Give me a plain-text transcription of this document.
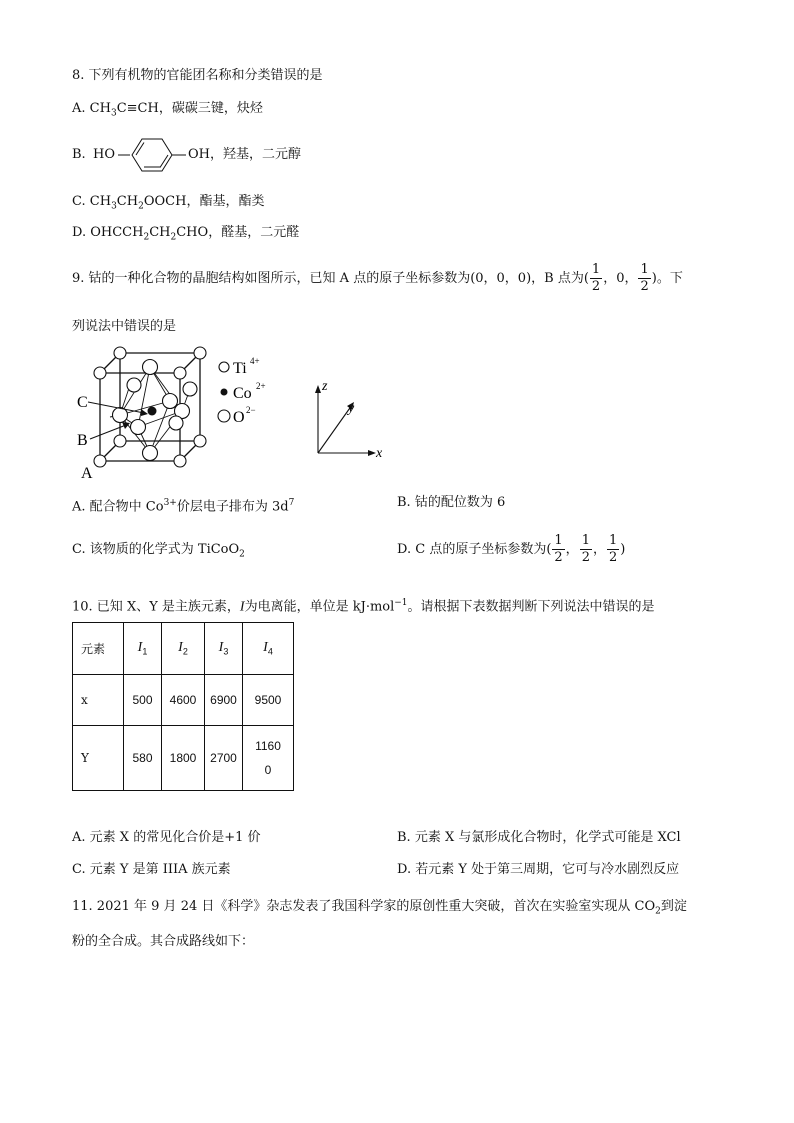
8. 下列有机物的官能团名称和分类错误的是
A. $CH_3C\equiv CH$，碳碳三键，炔烃
B. HO	OH，羟基，二元醇
C. $CH_3CH_2OOCH$，酯基，酯类
D. $OHCCH_2CH_2CHO$，醛基，二元醛
9. 钴的一种化合物的晶胞结构如图所示，已知 A 点的原子坐标参数为(0，0，0)，B 点为( $\frac{1}{2}$ ，0， $\frac{1}{2}$ )。下
列说法中错误的是
C
B
A
Ti 4+
Co 2+
O 2−
z
y
x
A. 配合物中 $Co^{3+}$价层电子排布为 $3d^7$	B. 钴的配位数为 6
C. 该物质的化学式为 TiCoO$_2$	D. C 点的原子坐标参数为( $\frac{1}{2}$ ， $\frac{1}{2}$ ， $\frac{1}{2}$ )
10. 已知 X、Y 是主族元素，I为电离能，单位是 kJ·mol$^{-1}$。请根据下表数据判断下列说法中错误的是
元素	$I_1$	$I_2$	$I_3$	$I_4$
x	500	4600	6900	9500
Y	580	1800	2700	1160
0
A. 元素 X 的常见化合价是+1 价	B. 元素 X 与氯形成化合物时，化学式可能是 XCl
C. 元素 Y 是第 IIIA 族元素	D. 若元素 Y 处于第三周期，它可与冷水剧烈反应
11. 2021 年 9 月 24 日《科学》杂志发表了我国科学家的原创性重大突破，首次在实验室实现从 $CO_2$到淀
粉的全合成。其合成路线如下：
